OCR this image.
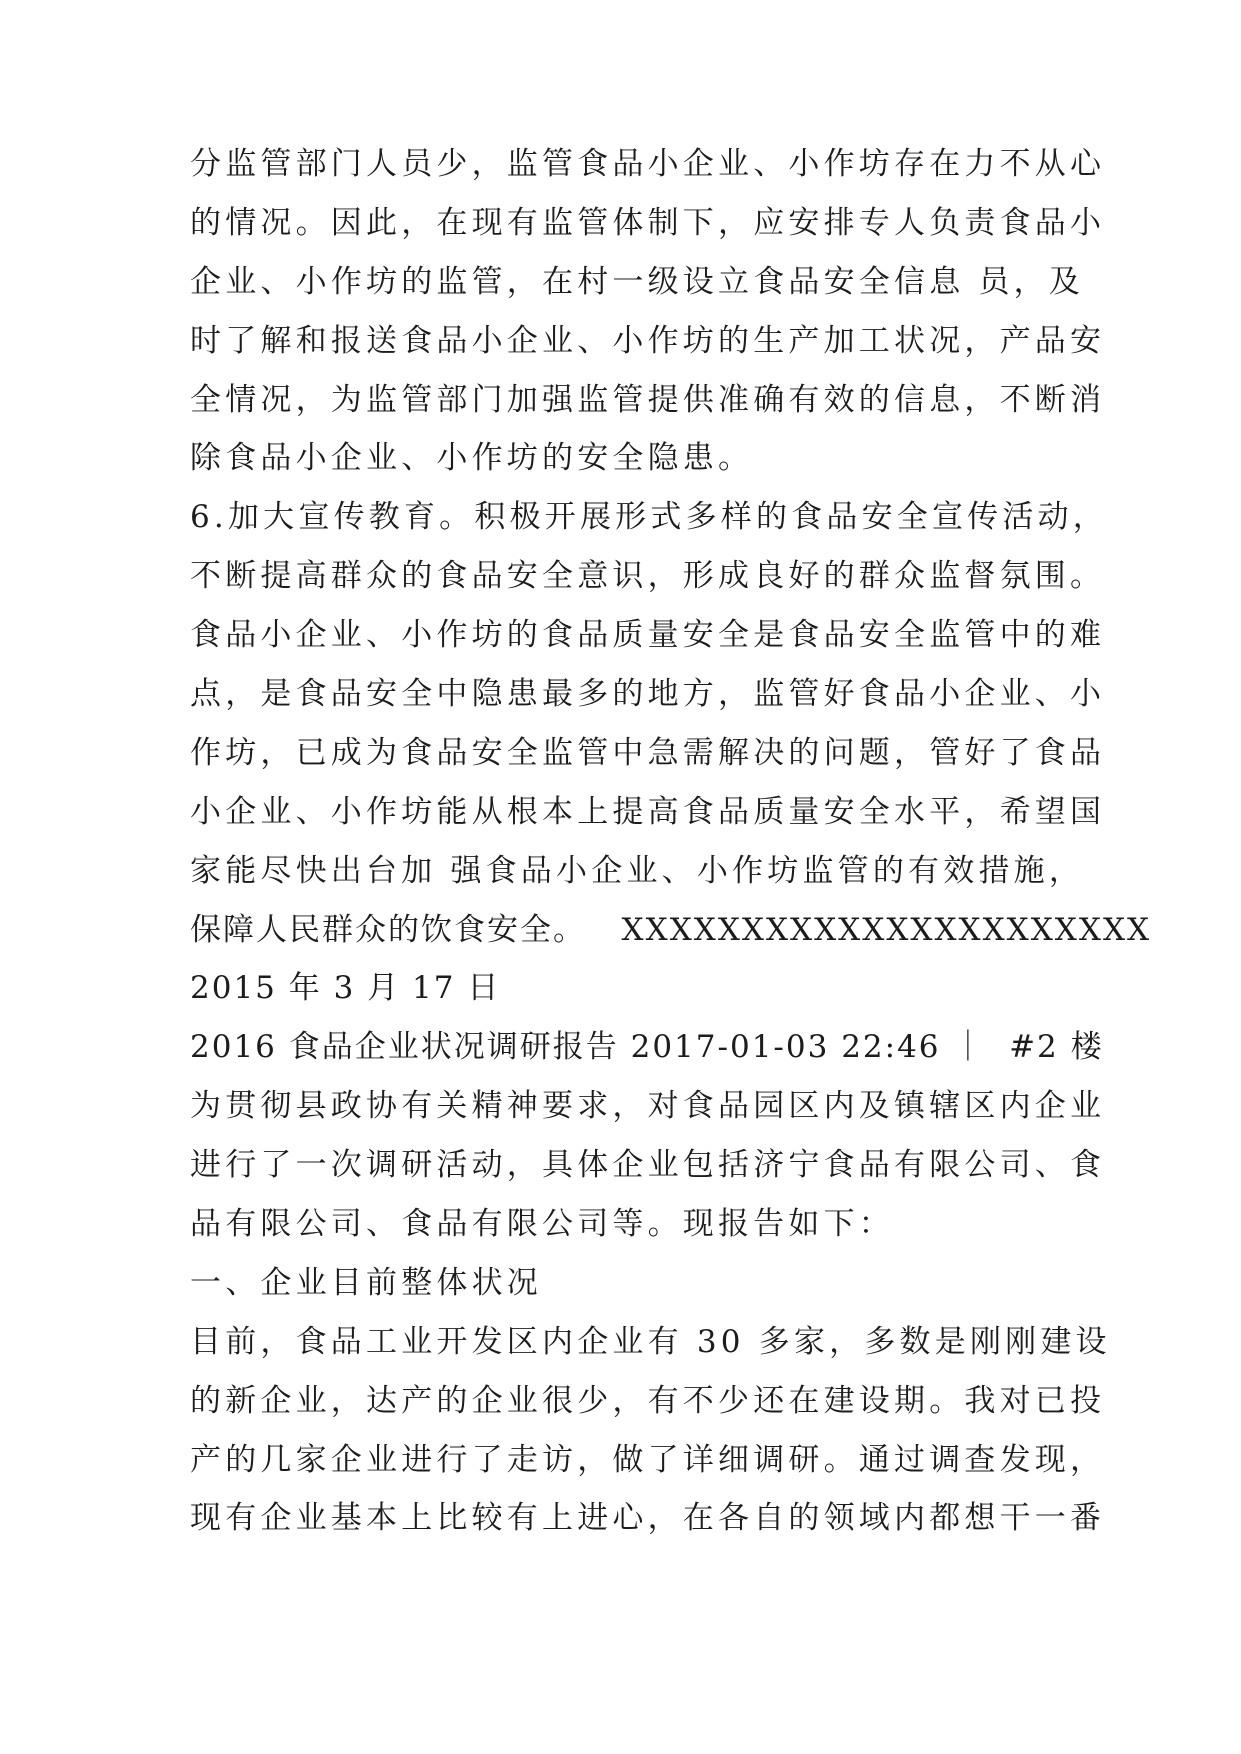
分监管部门人员少，监管食品小企业、小作坊存在力不从心
的情况。因此，在现有监管体制下，应安排专人负责食品小
企业、小作坊的监管，在村一级设立食品安全信息 员，及
时了解和报送食品小企业、小作坊的生产加工状况，产品安
全情况，为监管部门加强监管提供准确有效的信息，不断消
除食品小企业、小作坊的安全隐患。
6.加大宣传教育。积极开展形式多样的食品安全宣传活动，
不断提高群众的食品安全意识，形成良好的群众监督氛围。
食品小企业、小作坊的食品质量安全是食品安全监管中的难
点，是食品安全中隐患最多的地方，监管好食品小企业、小
作坊，已成为食品安全监管中急需解决的问题，管好了食品
小企业、小作坊能从根本上提高食品质量安全水平，希望国
家能尽快出台加 强食品小企业、小作坊监管的有效措施，
保障人民群众的饮食安全。   XXXXXXXXXXXXXXXXXXXXXX
2015 年 3 月 17 日
2016 食品企业状况调研报告 2017-01-03 22:46 ｜  #2 楼
为贯彻县政协有关精神要求，对食品园区内及镇辖区内企业
进行了一次调研活动，具体企业包括济宁食品有限公司、食
品有限公司、食品有限公司等。现报告如下：
一、企业目前整体状况
目前，食品工业开发区内企业有 30 多家，多数是刚刚建设
的新企业，达产的企业很少，有不少还在建设期。我对已投
产的几家企业进行了走访，做了详细调研。通过调查发现，
现有企业基本上比较有上进心，在各自的领域内都想干一番
